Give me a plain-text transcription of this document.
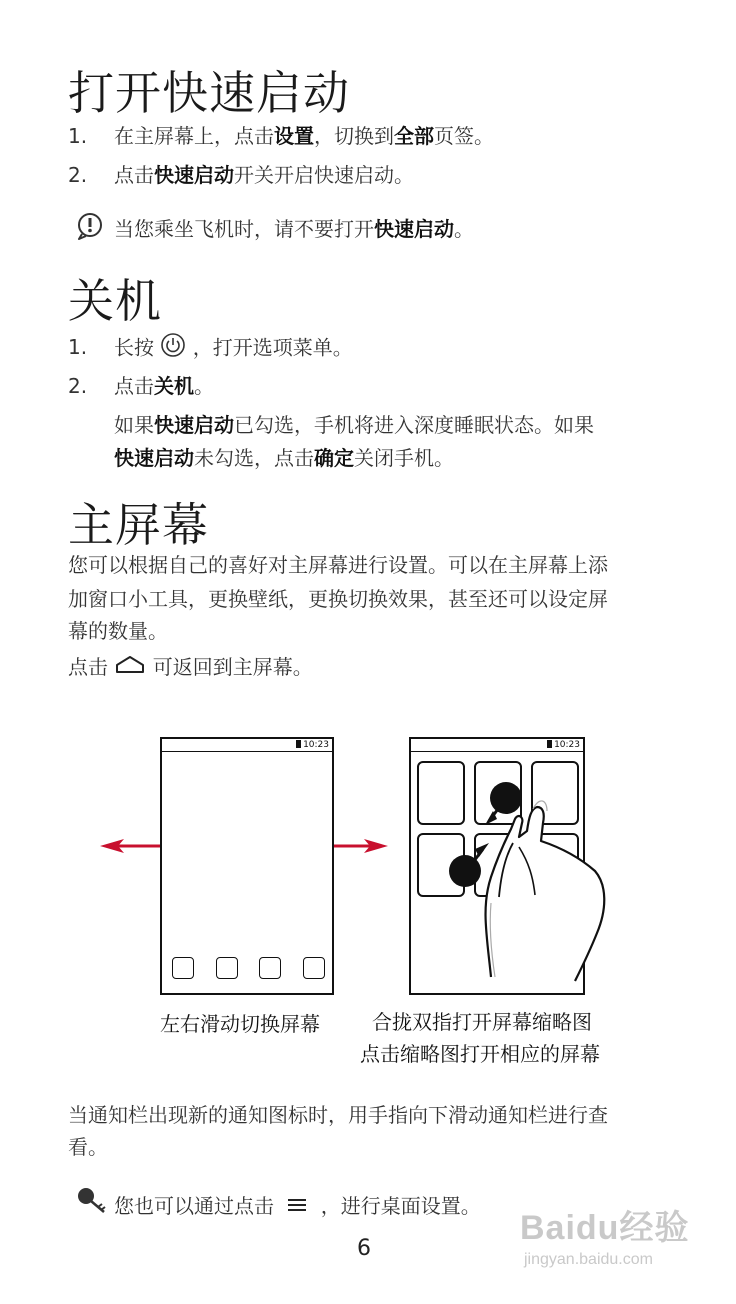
打开快速启动
1. 在主屏幕上，点击设置，切换到全部页签。
2. 点击快速启动开关开启快速启动。
当您乘坐飞机时，请不要打开快速启动。
关机
1. 长按 ，打开选项菜单。
2. 点击关机。
如果快速启动已勾选，手机将进入深度睡眠状态。如果
快速启动未勾选，点击确定关闭手机。
主屏幕
您可以根据自己的喜好对主屏幕进行设置。可以在主屏幕上添
加窗口小工具，更换壁纸，更换切换效果，甚至还可以设定屏
幕的数量。
点击 可返回到主屏幕。
10:23	10:23
左右滑动切换屏幕	合拢双指打开屏幕缩略图
点击缩略图打开相应的屏幕
当通知栏出现新的通知图标时，用手指向下滑动通知栏进行查
看。
您也可以通过点击 ，进行桌面设置。
6
Baidu经验
jingyan.baidu.com
